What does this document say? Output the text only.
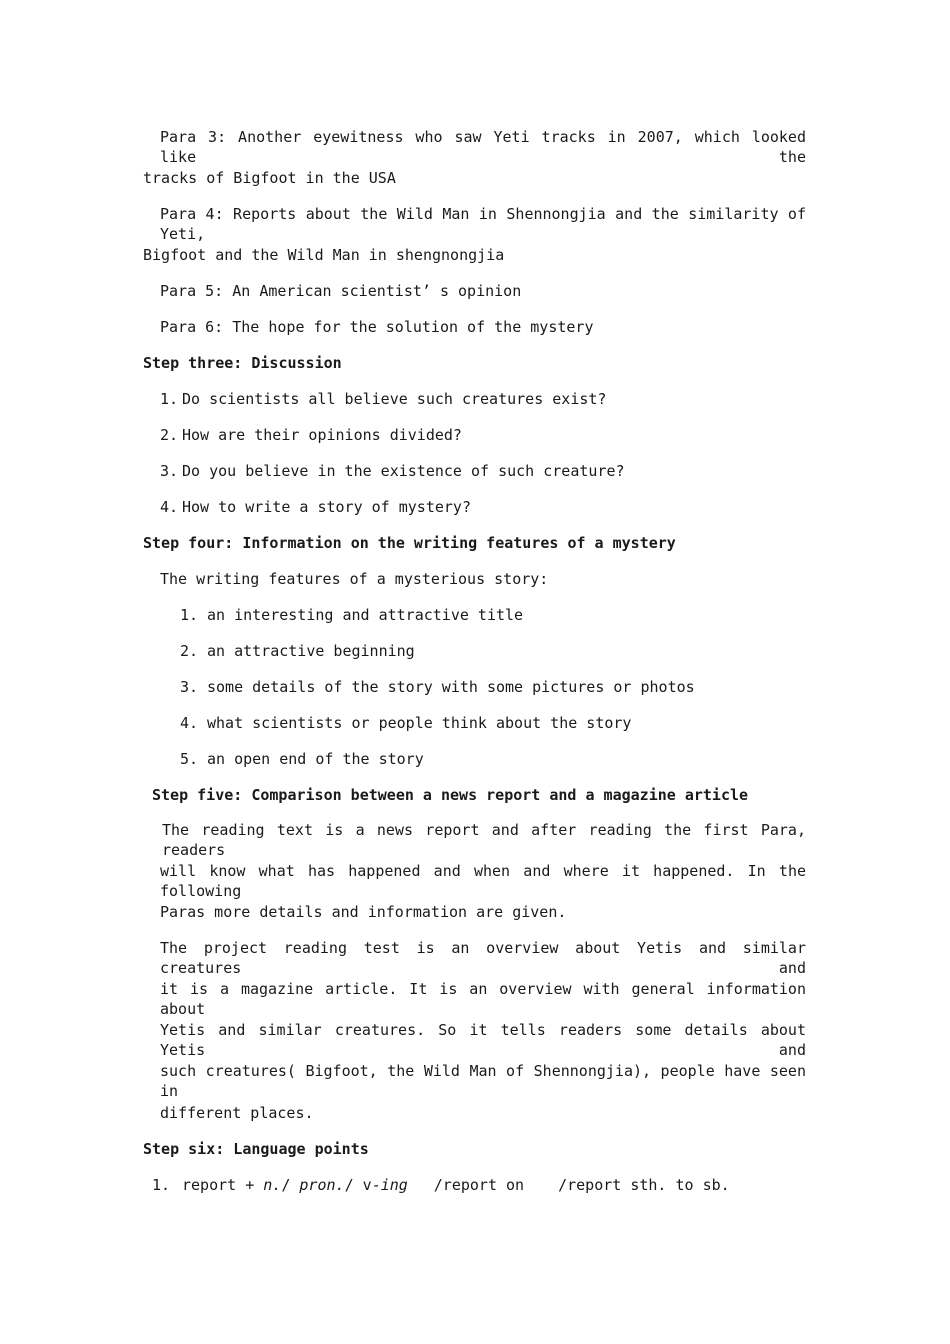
Para 3: Another eyewitness who saw Yeti tracks in 2007, which looked like the
tracks of Bigfoot in the USA
Para 4: Reports about the Wild Man in Shennongjia and the similarity of Yeti,
Bigfoot and the Wild Man in shengnongjia
Para 5: An American scientist’ s opinion
Para 6: The hope for the solution of the mystery
Step three: Discussion
1. Do scientists all believe such creatures exist?
2. How are their opinions divided?
3. Do you believe in the existence of such creature?
4. How to write a story of mystery?
Step four: Information on the writing features of a mystery
The writing features of a mysterious story:
1. an interesting and attractive title
2. an attractive beginning
3. some details of the story with some pictures or photos
4. what scientists or people think about the story
5. an open end of the story
Step five: Comparison between a news report and a magazine article
The reading text is a news report and after reading the first Para, readers
will know what has happened and when and where it happened. In the following
Paras more details and information are given.
The project reading test is an overview about Yetis and similar creatures and
it is a magazine article. It is an overview with general information about
Yetis and similar creatures. So it tells readers some details about Yetis and
such creatures( Bigfoot, the Wild Man of Shennongjia), people have seen in
different places.
Step six: Language points
1. report + n./ pron./ v-ing /report on /report sth. to sb.
